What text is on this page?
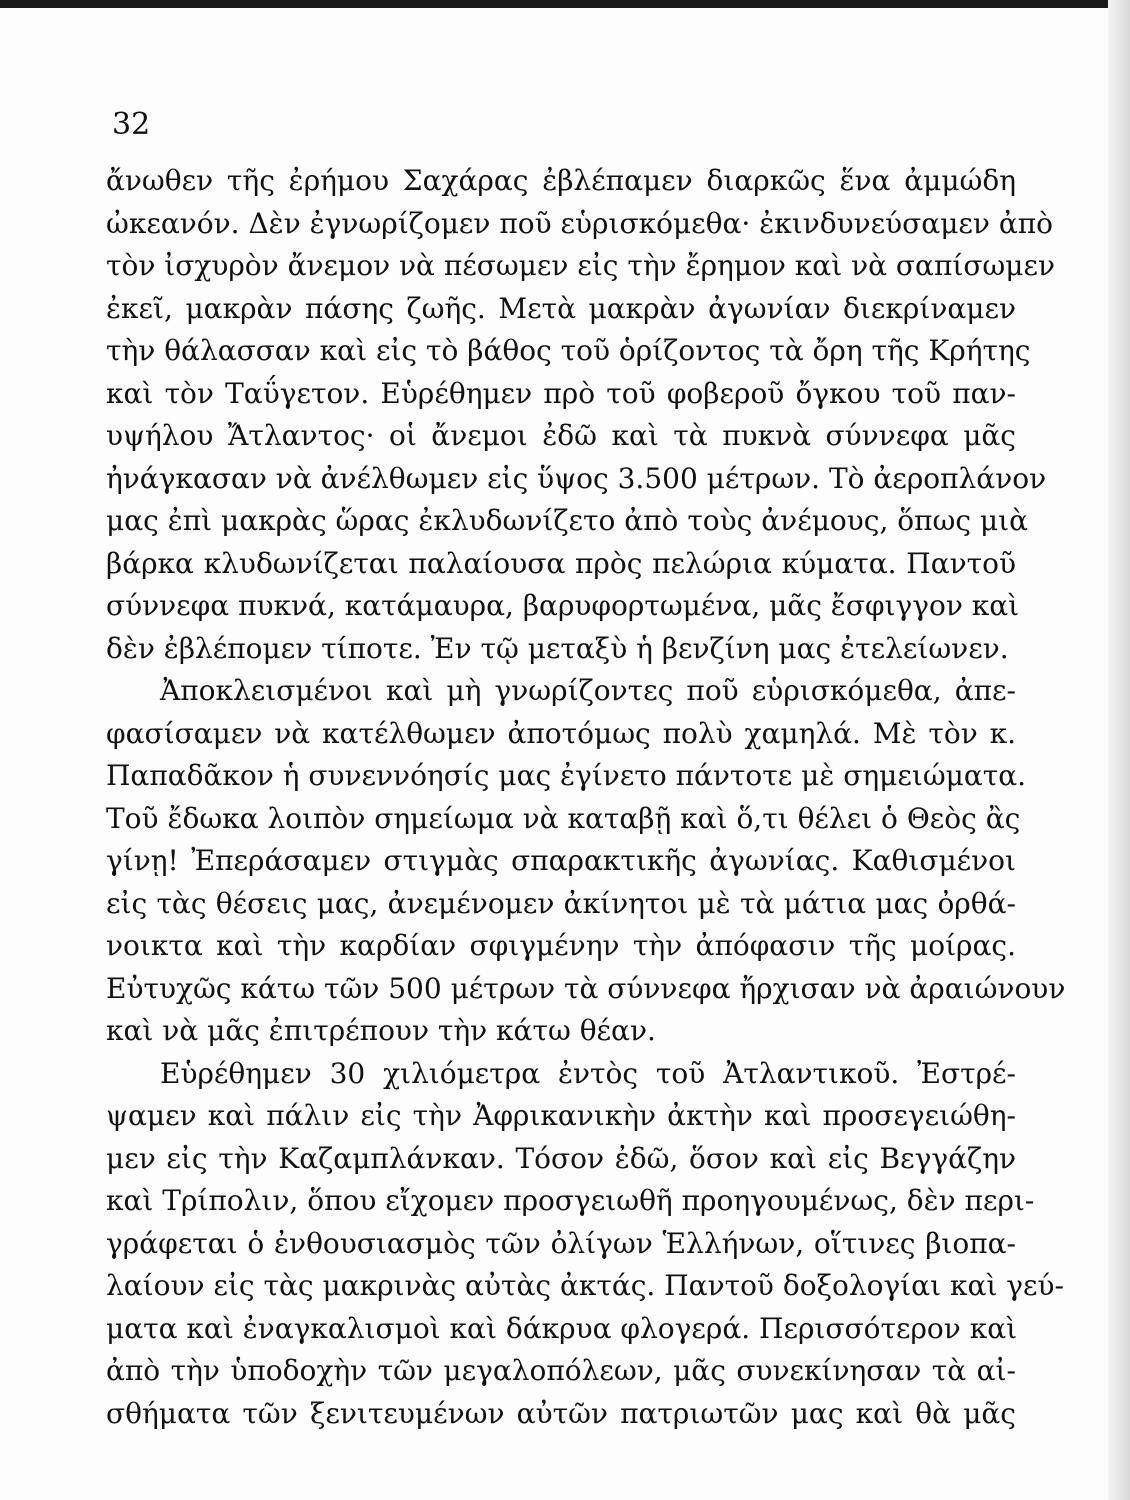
32
ἄνωθεν τῆς ἐρήμου Σαχάρας ἐβλέπαμεν διαρκῶς ἕνα ἀμμώδη
ὠκεανόν. Δὲν ἐγνωρίζομεν ποῦ εὑρισκόμεθα· ἐκινδυνεύσαμεν ἀπὸ
τὸν ἰσχυρὸν ἄνεμον νὰ πέσωμεν εἰς τὴν ἔρημον καὶ νὰ σαπίσωμεν
ἐκεῖ, μακρὰν πάσης ζωῆς. Μετὰ μακρὰν ἀγωνίαν διεκρίναμεν
τὴν θάλασσαν καὶ εἰς τὸ βάθος τοῦ ὁρίζοντος τὰ ὄρη τῆς Κρήτης
καὶ τὸν Ταΰγετον. Εὑρέθημεν πρὸ τοῦ φοβεροῦ ὄγκου τοῦ παν-
υψήλου Ἄτλαντος· οἱ ἄνεμοι ἐδῶ καὶ τὰ πυκνὰ σύννεφα μᾶς
ἠνάγκασαν νὰ ἀνέλθωμεν εἰς ὕψος 3.500 μέτρων. Τὸ ἀεροπλάνον
μας ἐπὶ μακρὰς ὥρας ἐκλυδωνίζετο ἀπὸ τοὺς ἀνέμους, ὅπως μιὰ
βάρκα κλυδωνίζεται παλαίουσα πρὸς πελώρια κύματα. Παντοῦ
σύννεφα πυκνά, κατάμαυρα, βαρυφορτωμένα, μᾶς ἔσφιγγον καὶ
δὲν ἐβλέπομεν τίποτε. Ἐν τῷ μεταξὺ ἡ βενζίνη μας ἐτελείωνεν.
Ἀποκλεισμένοι καὶ μὴ γνωρίζοντες ποῦ εὑρισκόμεθα, ἀπε-
φασίσαμεν νὰ κατέλθωμεν ἀποτόμως πολὺ χαμηλά. Μὲ τὸν κ.
Παπαδᾶκον ἡ συνεννόησίς μας ἐγίνετο πάντοτε μὲ σημειώματα.
Τοῦ ἔδωκα λοιπὸν σημείωμα νὰ καταβῇ καὶ ὅ,τι θέλει ὁ Θεὸς ἂς
γίνῃ! Ἐπεράσαμεν στιγμὰς σπαρακτικῆς ἀγωνίας. Καθισμένοι
εἰς τὰς θέσεις μας, ἀνεμένομεν ἀκίνητοι μὲ τὰ μάτια μας ὀρθά-
νοικτα καὶ τὴν καρδίαν σφιγμένην τὴν ἀπόφασιν τῆς μοίρας.
Εὐτυχῶς κάτω τῶν 500 μέτρων τὰ σύννεφα ἤρχισαν νὰ ἀραιώνουν
καὶ νὰ μᾶς ἐπιτρέπουν τὴν κάτω θέαν.
Εὑρέθημεν 30 χιλιόμετρα ἐντὸς τοῦ Ἀτλαντικοῦ. Ἐστρέ-
ψαμεν καὶ πάλιν εἰς τὴν Ἀφρικανικὴν ἀκτὴν καὶ προσεγειώθη-
μεν εἰς τὴν Καζαμπλάνκαν. Τόσον ἐδῶ, ὅσον καὶ εἰς Βεγγάζην
καὶ Τρίπολιν, ὅπου εἴχομεν προσγειωθῆ προηγουμένως, δὲν περι-
γράφεται ὁ ἐνθουσιασμὸς τῶν ὀλίγων Ἑλλήνων, οἵτινες βιοπα-
λαίουν εἰς τὰς μακρινὰς αὐτὰς ἀκτάς. Παντοῦ δοξολογίαι καὶ γεύ-
ματα καὶ ἐναγκαλισμοὶ καὶ δάκρυα φλογερά. Περισσότερον καὶ
ἀπὸ τὴν ὑποδοχὴν τῶν μεγαλοπόλεων, μᾶς συνεκίνησαν τὰ αἰ-
σθήματα τῶν ξενιτευμένων αὐτῶν πατριωτῶν μας καὶ θὰ μᾶς
